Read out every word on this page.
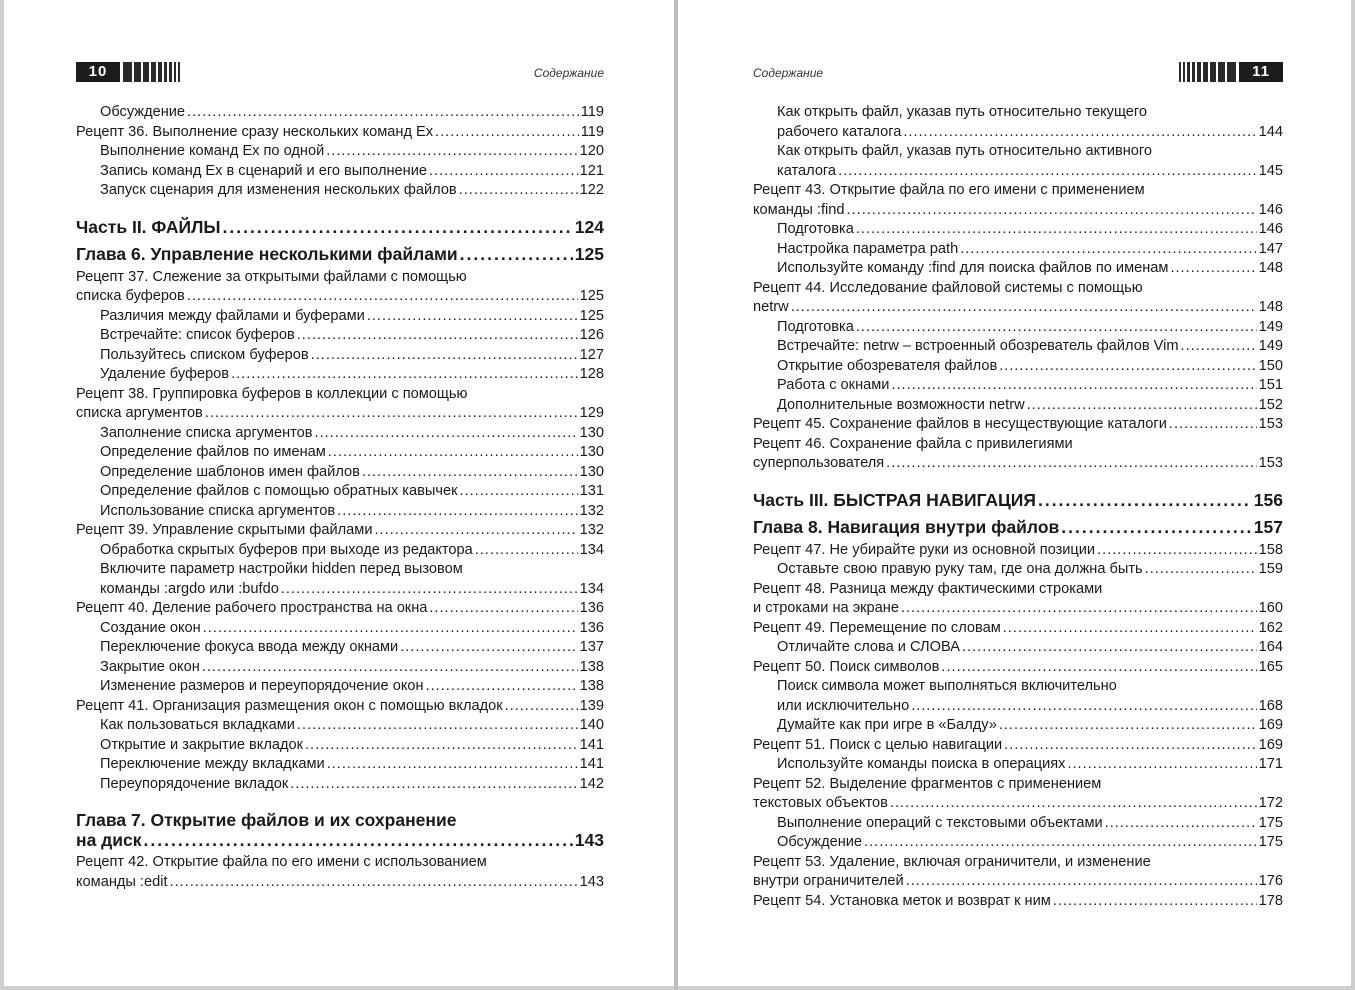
10	Содержание
Обсуждение .....	119
Рецепт 36. Выполнение сразу нескольких команд Ex .....	119
Выполнение команд Ex по одной .....	120
Запись команд Ex в сценарий и его выполнение .....	121
Запуск сценария для изменения нескольких файлов .....	122
Часть II. ФАЙЛЫ .....	124
Глава 6. Управление несколькими файлами .....	125
Рецепт 37. Слежение за открытыми файлами с помощью
списка буферов .....	125
Различия между файлами и буферами .....	125
Встречайте: список буферов .....	126
Пользуйтесь списком буферов .....	127
Удаление буферов .....	128
Рецепт 38. Группировка буферов в коллекции с помощью
списка аргументов .....	129
Заполнение списка аргументов .....	130
Определение файлов по именам .....	130
Определение шаблонов имен файлов .....	130
Определение файлов с помощью обратных кавычек .....	131
Использование списка аргументов .....	132
Рецепт 39. Управление скрытыми файлами .....	132
Обработка скрытых буферов при выходе из редактора .....	134
Включите параметр настройки hidden перед вызовом
команды :argdo или :bufdo .....	134
Рецепт 40. Деление рабочего пространства на окна .....	136
Создание окон .....	136
Переключение фокуса ввода между окнами .....	137
Закрытие окон .....	138
Изменение размеров и переупорядочение окон .....	138
Рецепт 41. Организация размещения окон с помощью вкладок .....	139
Как пользоваться вкладками .....	140
Открытие и закрытие вкладок .....	141
Переключение между вкладками .....	141
Переупорядочение вкладок .....	142
Глава 7. Открытие файлов и их сохранение
на диск .....	143
Рецепт 42. Открытие файла по его имени с использованием
команды :edit .....	143
11
Содержание
Как открыть файл, указав путь относительно текущего
рабочего каталога .....	144
Как открыть файл, указав путь относительно активного
каталога .....	145
Рецепт 43. Открытие файла по его имени с применением
команды :find .....	146
Подготовка .....	146
Настройка параметра path .....	147
Используйте команду :find для поиска файлов по именам .....	148
Рецепт 44. Исследование файловой системы с помощью
netrw .....	148
Подготовка .....	149
Встречайте: netrw – встроенный обозреватель файлов Vim .....	149
Открытие обозревателя файлов .....	150
Работа с окнами .....	151
Дополнительные возможности netrw .....	152
Рецепт 45. Сохранение файлов в несуществующие каталоги .....	153
Рецепт 46. Сохранение файла с привилегиями
суперпользователя .....	153
Часть III. БЫСТРАЯ НАВИГАЦИЯ .....	156
Глава 8. Навигация внутри файлов .....	157
Рецепт 47. Не убирайте руки из основной позиции .....	158
Оставьте свою правую руку там, где она должна быть .....	159
Рецепт 48. Разница между фактическими строками
и строками на экране .....	160
Рецепт 49. Перемещение по словам .....	162
Отличайте слова и СЛОВА .....	164
Рецепт 50. Поиск символов .....	165
Поиск символа может выполняться включительно
или исключительно .....	168
Думайте как при игре в «Балду» .....	169
Рецепт 51. Поиск с целью навигации .....	169
Используйте команды поиска в операциях .....	171
Рецепт 52. Выделение фрагментов с применением
текстовых объектов .....	172
Выполнение операций с текстовыми объектами .....	175
Обсуждение .....	175
Рецепт 53. Удаление, включая ограничители, и изменение
внутри ограничителей .....	176
Рецепт 54. Установка меток и возврат к ним .....	178
